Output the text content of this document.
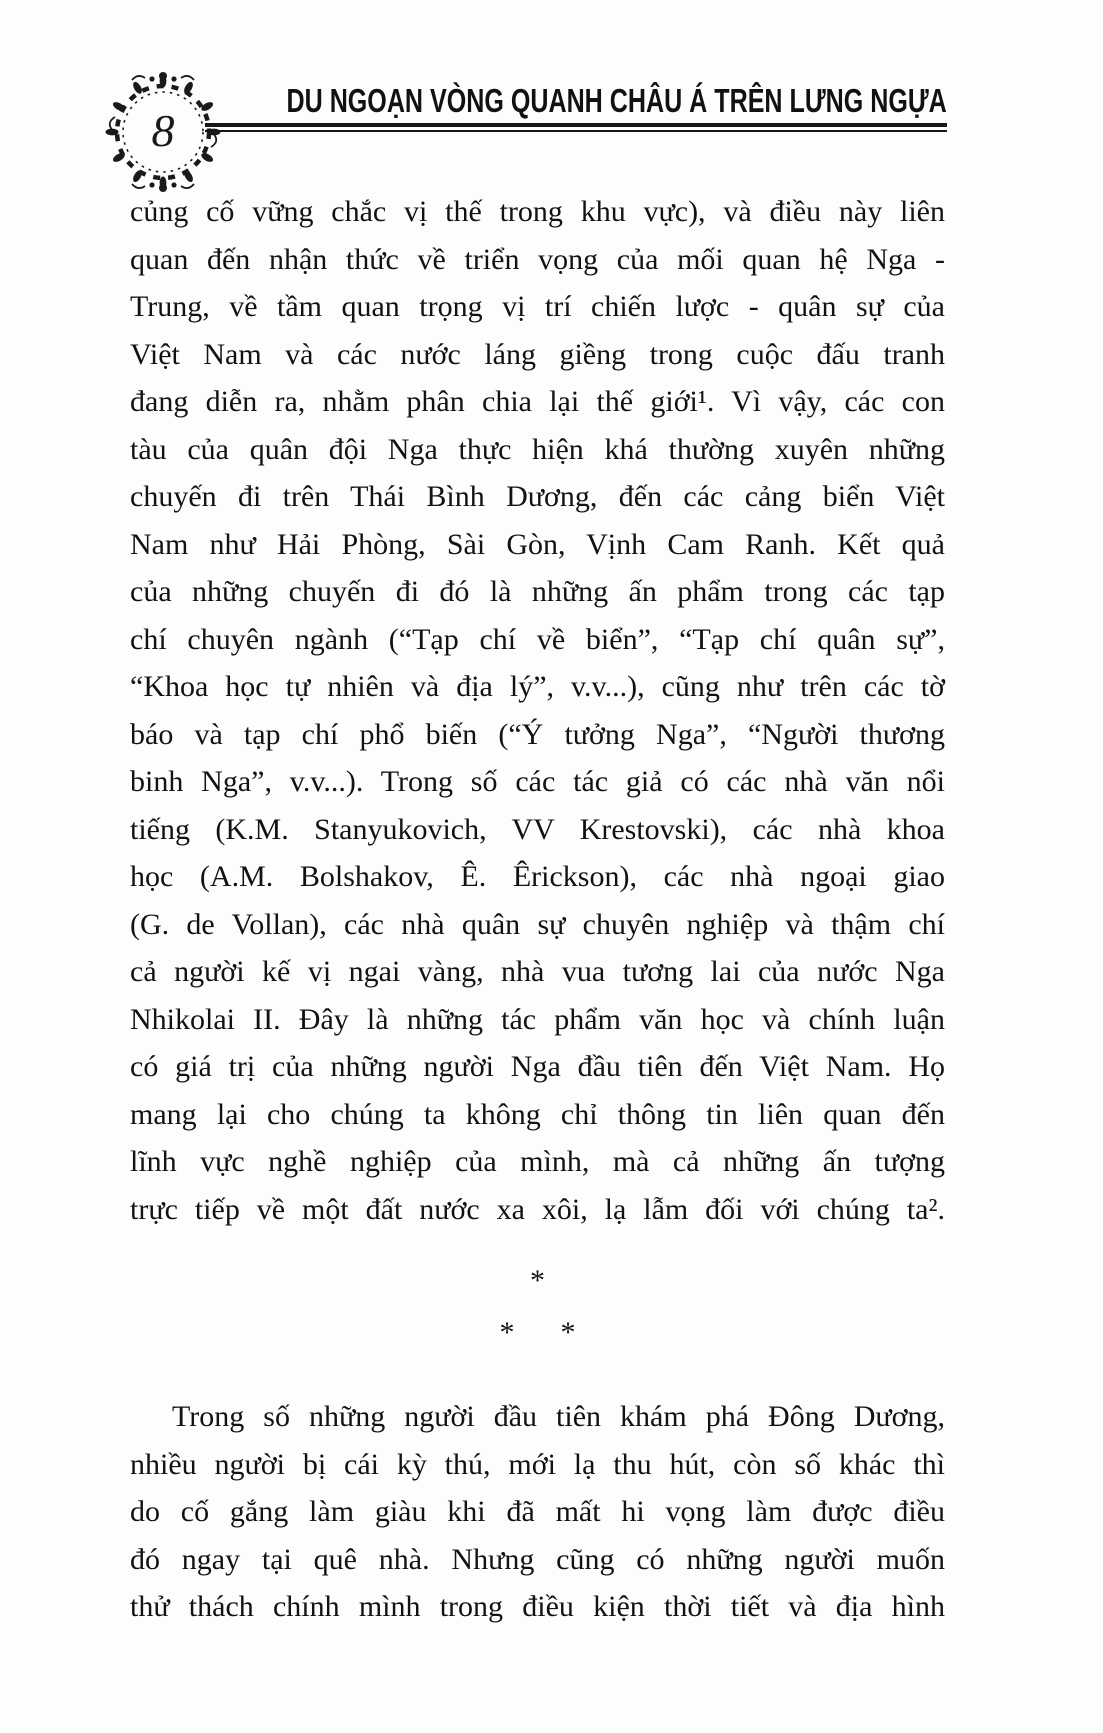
8
DU NGOẠN VÒNG QUANH CHÂU Á TRÊN LƯNG NGỰA
củng cố vững chắc vị thế trong khu vực), và điều này liên
quan đến nhận thức về triển vọng của mối quan hệ Nga -
Trung, về tầm quan trọng vị trí chiến lược - quân sự của
Việt Nam và các nước láng giềng trong cuộc đấu tranh
đang diễn ra, nhằm phân chia lại thế giới¹. Vì vậy, các con
tàu của quân đội Nga thực hiện khá thường xuyên những
chuyến đi trên Thái Bình Dương, đến các cảng biển Việt
Nam như Hải Phòng, Sài Gòn, Vịnh Cam Ranh. Kết quả
của những chuyến đi đó là những ấn phẩm trong các tạp
chí chuyên ngành (“Tạp chí về biển”, “Tạp chí quân sự”,
“Khoa học tự nhiên và địa lý”, v.v...), cũng như trên các tờ
báo và tạp chí phổ biến (“Ý tưởng Nga”, “Người thương
binh Nga”, v.v...). Trong số các tác giả có các nhà văn nổi
tiếng (K.M. Stanyukovich, VV Krestovski), các nhà khoa
học (A.M. Bolshakov, Ê. Êrickson), các nhà ngoại giao
(G. de Vollan), các nhà quân sự chuyên nghiệp và thậm chí
cả người kế vị ngai vàng, nhà vua tương lai của nước Nga
Nhikolai II. Đây là những tác phẩm văn học và chính luận
có giá trị của những người Nga đầu tiên đến Việt Nam. Họ
mang lại cho chúng ta không chỉ thông tin liên quan đến
lĩnh vực nghề nghiệp của mình, mà cả những ấn tượng
trực tiếp về một đất nước xa xôi, lạ lẫm đối với chúng ta².
*
* *
Trong số những người đầu tiên khám phá Đông Dương,
nhiều người bị cái kỳ thú, mới lạ thu hút, còn số khác thì
do cố gắng làm giàu khi đã mất hi vọng làm được điều
đó ngay tại quê nhà. Nhưng cũng có những người muốn
thử thách chính mình trong điều kiện thời tiết và địa hình
